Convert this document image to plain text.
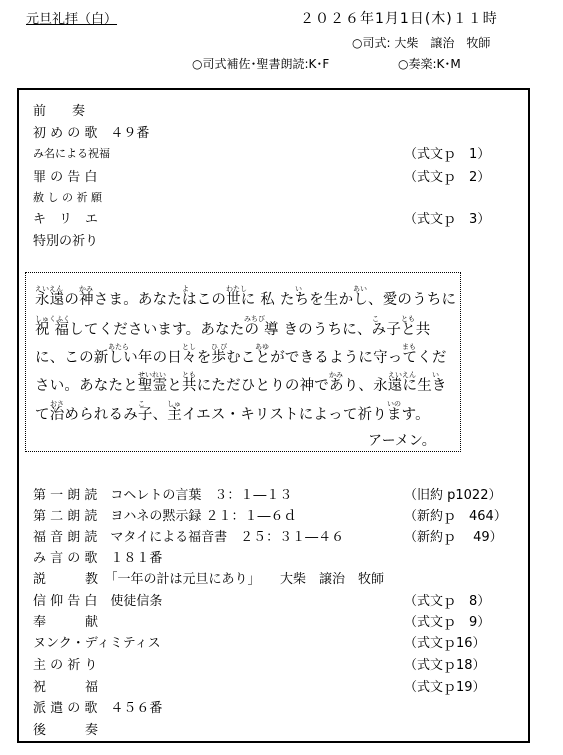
元旦礼拝（白）	２０２６年1月1日(木)１１時
○司式: 大柴　譲治　牧師
○司式補佐･聖書朗読:K･F	○奏楽:K･M
前　　奏
初 め の 歌　４９番
み名による祝福	（式文ｐ　1）
罪 の 告 白	（式文ｐ　2）
赦 し の 祈 願
キ　リ　エ	（式文ｐ　3）
特別の祈り
永遠の神さま。あなたはこの世に 私 たちを生かし、愛のうちに
祝 福してくださいます。あなたの 導 きのうちに、み子と共
に、この新しい年の日々を歩むことができるように守ってくだ
さい。あなたと聖霊と共にただひとりの神であり、永遠に生き
て治められるみ子、主イエス・キリストによって祈ります。
えいえん かみ	よ	わたし	い	あい
しゅくふく	みちび	こ	とも
あたら	とし ひ び	あゆ	まも
せいれい とも	かみ	えいえん い
おさ	こ	しゅ	いの
アーメン。
第 一 朗 読　コヘレトの言葉　３：１―１３	（旧約 p1022）
第 二 朗 読　ヨハネの黙示録 ２１：１―６ｄ	（新約ｐ　464）
福 音 朗 読　マタイによる福音書　２５：３１―４６	（新約ｐ　 49）
み 言 の 歌　１８１番
説　　　教　「一年の計は元旦にあり」　　大柴　譲治　牧師
信 仰 告 白　使徒信条	（式文ｐ　8）
奉　　　献	（式文ｐ　9）
ヌンク・ディミティス	（式文ｐ16）
主 の 祈 り	（式文ｐ18）
祝　　　福	（式文ｐ19）
派 遣 の 歌　４５６番
後　　　奏
